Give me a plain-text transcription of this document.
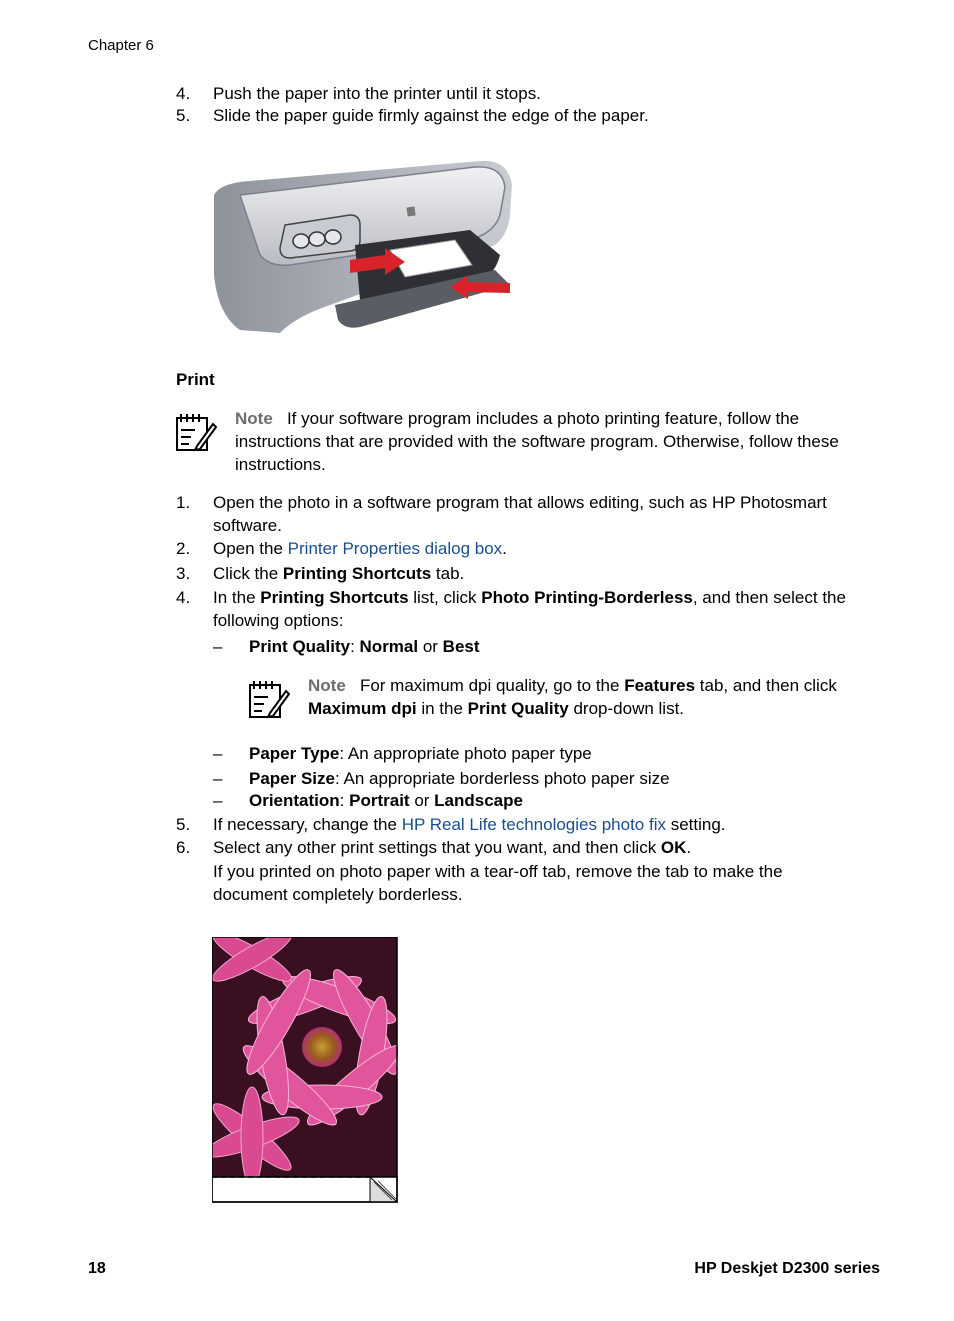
Chapter 6
4.	Push the paper into the printer until it stops.
5.	Slide the paper guide firmly against the edge of the paper.
Print
Note If your software program includes a photo printing feature, follow the instructions that are provided with the software program. Otherwise, follow these instructions.
1.	Open the photo in a software program that allows editing, such as HP Photosmart software.
2.	Open the Printer Properties dialog box.
3.	Click the Printing Shortcuts tab.
4.	In the Printing Shortcuts list, click Photo Printing-Borderless, and then select the following options:
– Print Quality: Normal or Best
Note For maximum dpi quality, go to the Features tab, and then click Maximum dpi in the Print Quality drop-down list.
– Paper Type: An appropriate photo paper type
– Paper Size: An appropriate borderless photo paper size
– Orientation: Portrait or Landscape
5.	If necessary, change the HP Real Life technologies photo fix setting.
6.	Select any other print settings that you want, and then click OK.
If you printed on photo paper with a tear-off tab, remove the tab to make the document completely borderless.
18	HP Deskjet D2300 series
